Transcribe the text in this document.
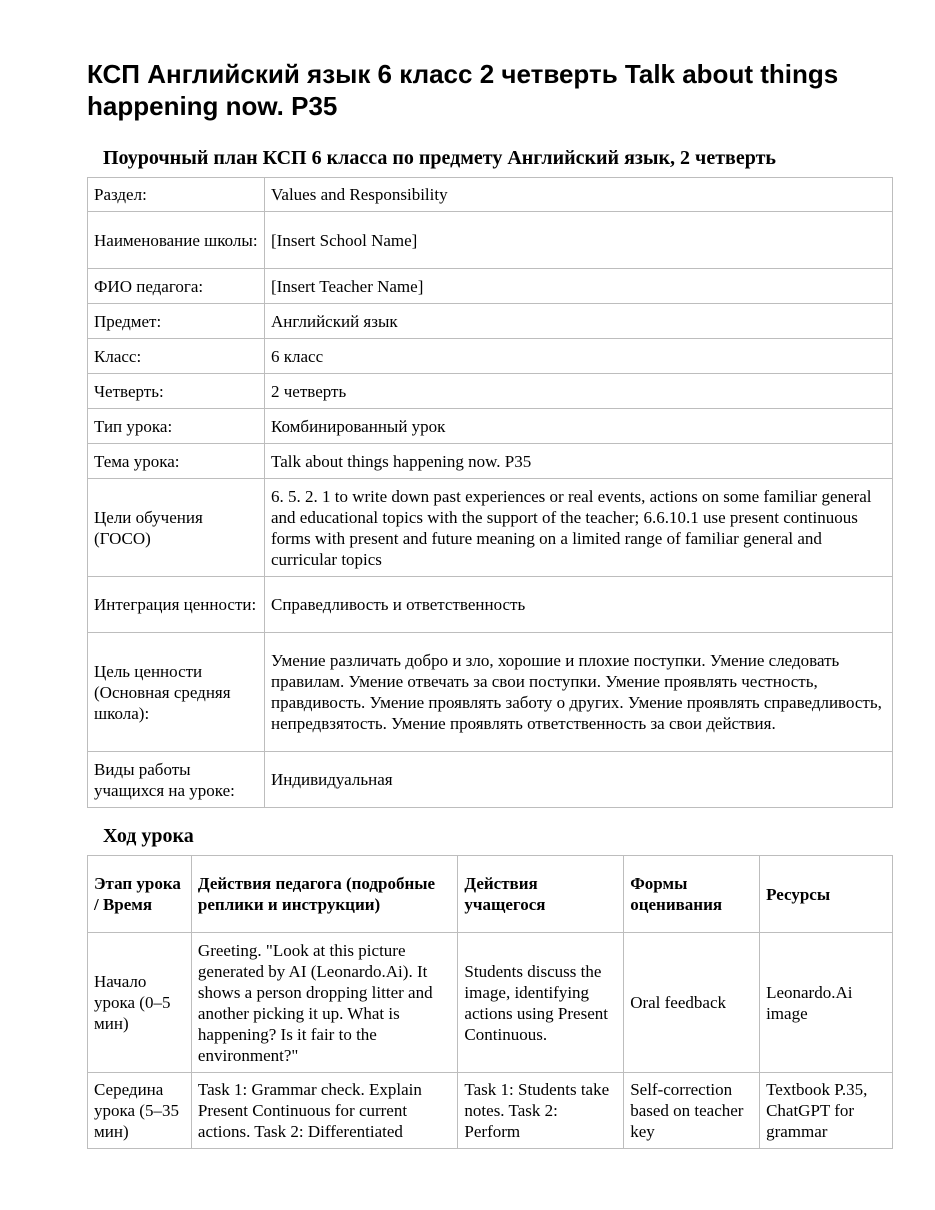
КСП Английский язык 6 класс 2 четверть Talk about things happening now. P35
Поурочный план КСП 6 класса по предмету Английский язык, 2 четверть
Раздел:	Values and Responsibility
Наименование школы:	[Insert School Name]
ФИО педагога:	[Insert Teacher Name]
Предмет:	Английский язык
Класс:	6 класс
Четверть:	2 четверть
Тип урока:	Комбинированный урок
Тема урока:	Talk about things happening now. P35
Цели обучения (ГОСО)	6. 5. 2. 1 to write down past experiences or real events, actions on some familiar general and educational topics with the support of the teacher; 6.6.10.1 use present continuous forms with present and future meaning on a limited range of familiar general and curricular topics
Интеграция ценности:	Справедливость и ответственность
Цель ценности (Основная средняя школа):	Умение различать добро и зло, хорошие и плохие поступки. Умение следовать правилам. Умение отвечать за свои поступки. Умение проявлять честность, правдивость. Умение проявлять заботу о других. Умение проявлять справедливость, непредвзятость. Умение проявлять ответственность за свои действия.
Виды работы учащихся на уроке:	Индивидуальная
Ход урока
Этап урока / Время	Действия педагога (подробные реплики и инструкции)	Действия учащегося	Формы оценивания	Ресурсы
Начало урока (0–5 мин)	Greeting. "Look at this picture generated by AI (Leonardo.Ai). It shows a person dropping litter and another picking it up. What is happening? Is it fair to the environment?"	Students discuss the image, identifying actions using Present Continuous.	Oral feedback	Leonardo.Ai image
Середина урока (5–35 мин)	Task 1: Grammar check. Explain Present Continuous for current actions. Task 2: Differentiated	Task 1: Students take notes. Task 2: Perform	Self-correction based on teacher key	Textbook P.35, ChatGPT for grammar
